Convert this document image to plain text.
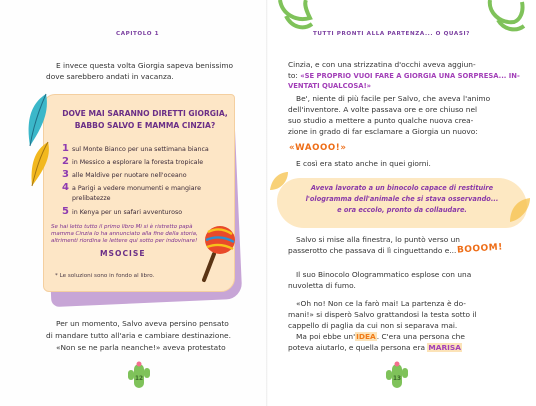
CAPITOLO 1
E invece questa volta Giorgia sapeva benissimo
dove sarebbero andati in vacanza.
DOVE MAI SARANNO DIRETTI GIORGIA,
BABBO SALVO E MAMMA CINZIA?
1 sul Monte Bianco per una settimana bianca
2 in Messico a esplorare la foresta tropicale
3 alle Maldive per nuotare nell'oceano
4 a Parigi a vedere monumenti e mangiare
prelibatezze
5 in Kenya per un safari avventuroso
Se hai letto tutto il primo libro Mi si è ristretto papà
mamma Cinzia lo ha annunciato alla fine della storia,
altrimenti riordina le lettere qui sotto per indovinare!
MSOCISE
* Le soluzioni sono in fondo al libro.
Per un momento, Salvo aveva persino pensato
di mandare tutto all'aria e cambiare destinazione.
«Non se ne parla neanche!» aveva protestato
12
TUTTI PRONTI ALLA PARTENZA... O QUASI?
Cinzia, e con una strizzatina d'occhi aveva aggiun-
to: «SE PROPRIO VUOI FARE A GIORGIA UNA SORPRESA... IN-
VENTATI QUALCOSA!»
Be', niente di più facile per Salvo, che aveva l'animo
dell'inventore. A volte passava ore e ore chiuso nel
suo studio a mettere a punto qualche nuova crea-
zione in grado di far esclamare a Giorgia un nuovo:
«WAOOO!»
E così era stato anche in quei giorni.
Aveva lavorato a un binocolo capace di restituire
l'ologramma dell'animale che si stava osservando...
e ora eccolo, pronto da collaudare.
Salvo si mise alla finestra, lo puntò verso un
passerotto che passava di lì cinguettando e... BOOOM!
Il suo Binocolo Ologrammatico esplose con una
nuvoletta di fumo.
«Oh no! Non ce la farò mai! La partenza è do-
mani!» si disperò Salvo grattandosi la testa sotto il
cappello di paglia da cui non si separava mai.
Ma poi ebbe un'IDEA. C'era una persona che
poteva aiutarlo, e quella persona era MARISA
13
